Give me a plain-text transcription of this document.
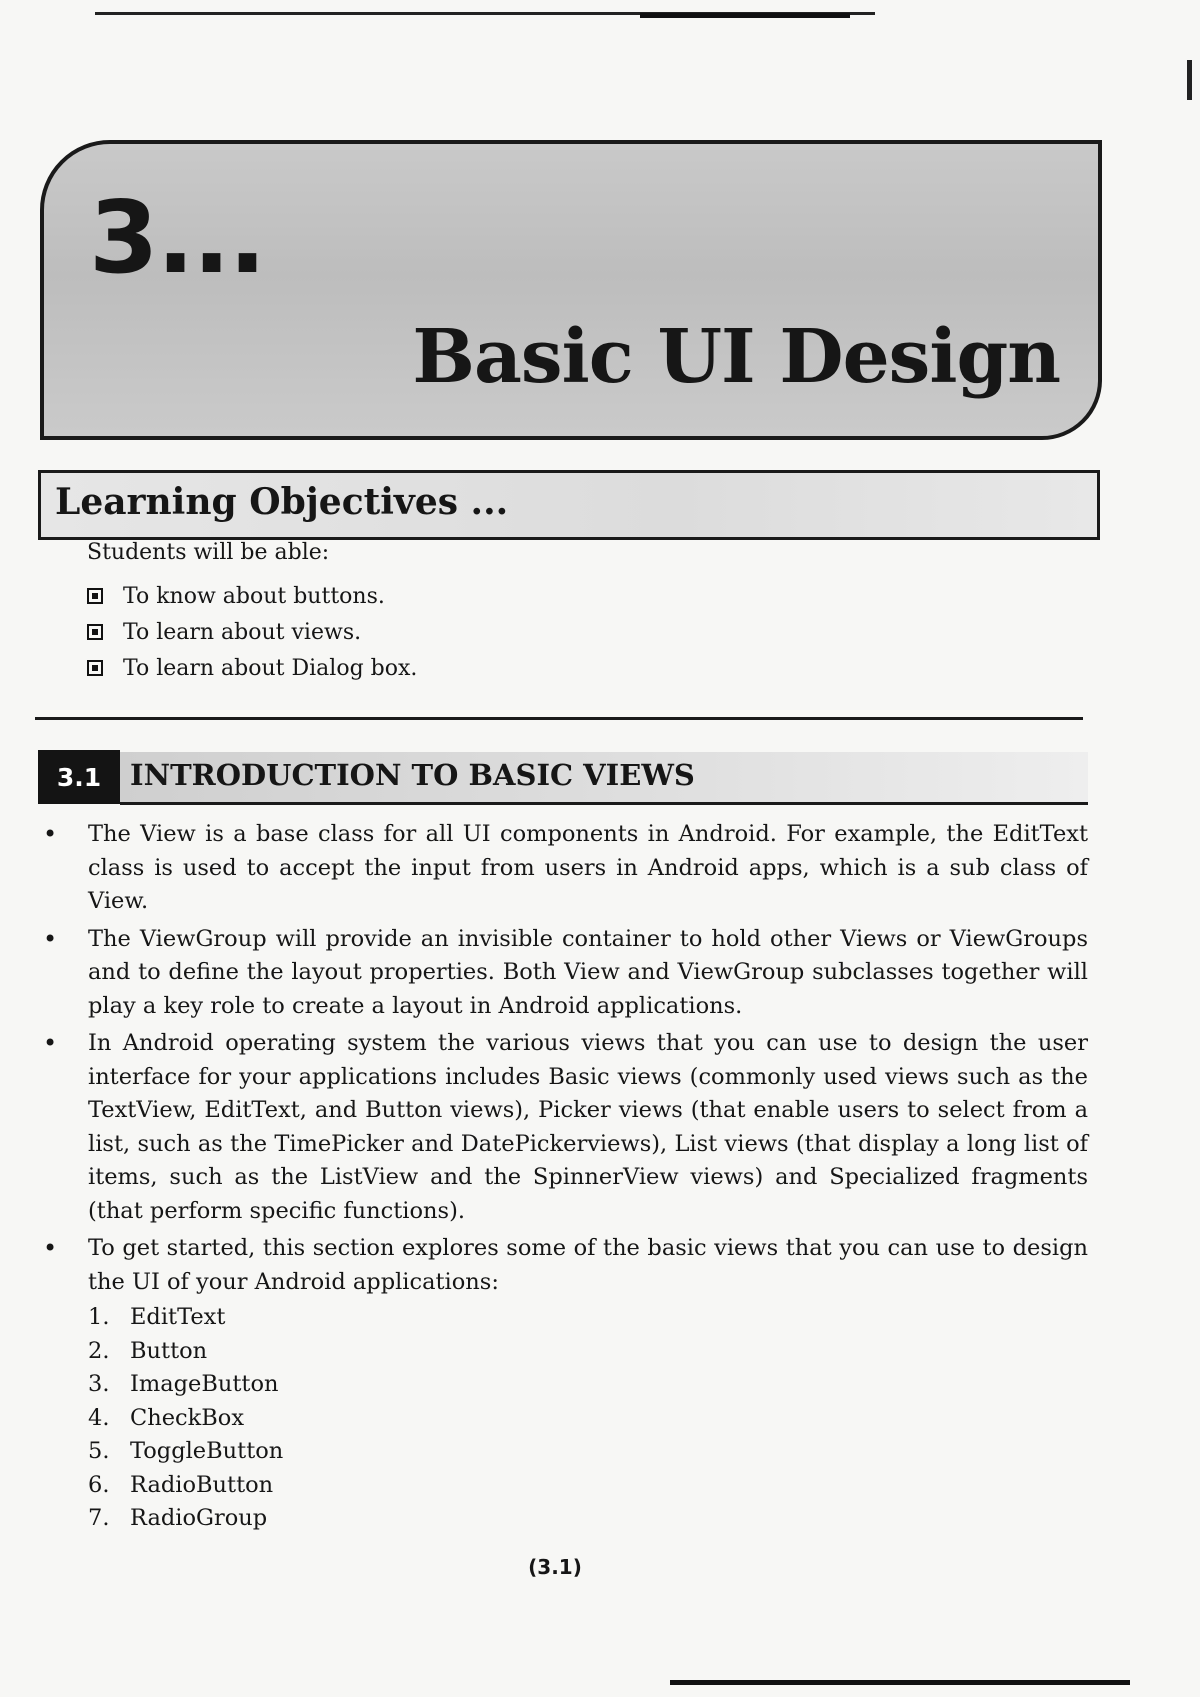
3...
Basic UI Design
Learning Objectives ...
Students will be able:
To know about buttons.
To learn about views.
To learn about Dialog box.
3.1 INTRODUCTION TO BASIC VIEWS
• The View is a base class for all UI components in Android. For example, the EditText class is used to accept the input from users in Android apps, which is a sub class of View.
• The ViewGroup will provide an invisible container to hold other Views or ViewGroups and to define the layout properties. Both View and ViewGroup subclasses together will play a key role to create a layout in Android applications.
• In Android operating system the various views that you can use to design the user interface for your applications includes Basic views (commonly used views such as the TextView, EditText, and Button views), Picker views (that enable users to select from a list, such as the TimePicker and DatePickerviews), List views (that display a long list of items, such as the ListView and the SpinnerView views) and Specialized fragments (that perform specific functions).
• To get started, this section explores some of the basic views that you can use to design the UI of your Android applications:
1. EditText
2. Button
3. ImageButton
4. CheckBox
5. ToggleButton
6. RadioButton
7. RadioGroup
(3.1)
